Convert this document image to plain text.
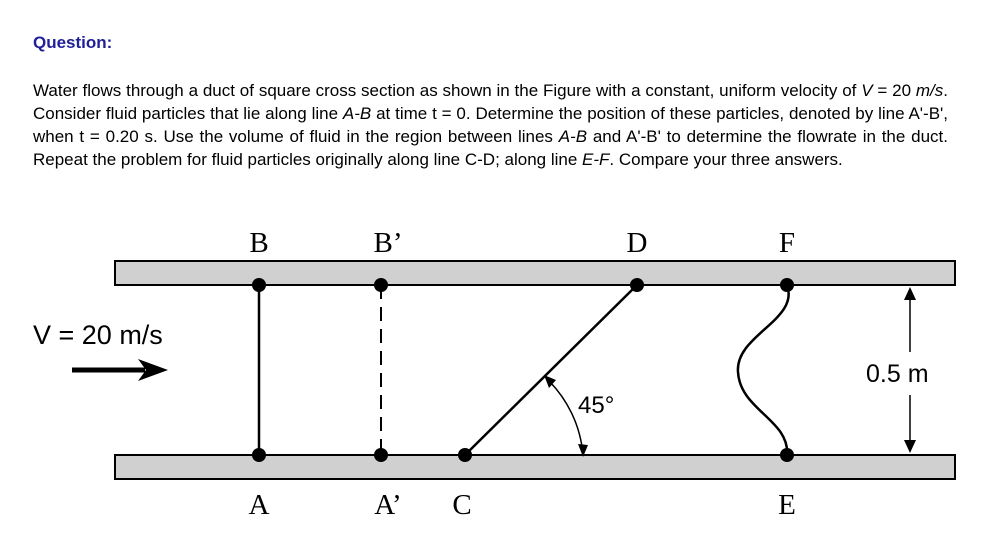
Question:
Water flows through a duct of square cross section as shown in the Figure with a constant, uniform velocity of V = 20 m/s. Consider fluid particles that lie along line A-B at time t = 0. Determine the position of these particles, denoted by line A'-B', when t = 0.20 s. Use the volume of fluid in the region between lines A-B and A'-B' to determine the flowrate in the duct. Repeat the problem for fluid particles originally along line C-D; along line E-F. Compare your three answers.
V = 20 m/s
45°
0.5 m
B	B’	D	F
A	A’ C	E
